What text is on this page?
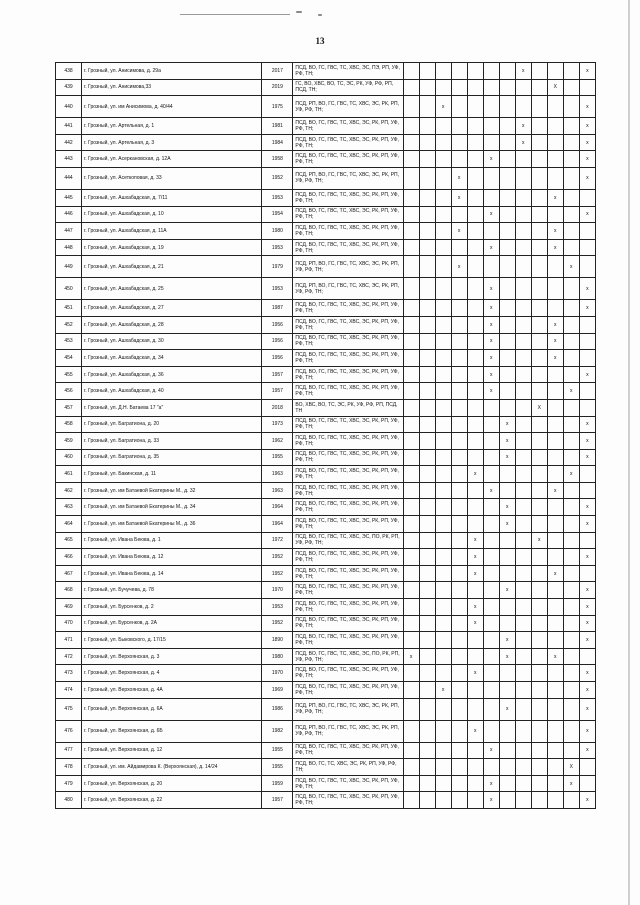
13
438	г. Грозный, ул. Анисимова, д. 29а	2017	ПСД, ВО, ГС, ГВС, ТС, ХВС, ЭС, ПЭ, РП, УФ, РФ, ТН;								x				x
439	г. Грозный, ул. Анисимова,33	2019	ГС, ВО, ХВС, ВО, ТС, ЭС, РК, УФ, РФ, РП, ПСД, ТН;										X		
440	г. Грозный, ул. им Анисимова, д. 40/44	1975	ПСД, РП, ВО, ГС, ГВС, ТС, ХВС, ЭС, РК, РП, УФ, РФ, ТН;			x									x
441	г. Грозный, ул. Артельная, д. 1	1981	ПСД, ВО, ГС, ГВС, ТС, ХВС, ЭС, РК, РП, УФ, РФ, ТН;								x				x
442	г. Грозный, ул. Артельная, д. 3	1984	ПСД, ВО, ГС, ГВС, ТС, ХВС, ЭС, РК, РП, УФ, РФ, ТН;								x				x
443	г. Грозный, ул. Асеркановская, д. 12А	1958	ПСД, ВО, ГС, ГВС, ТС, ХВС, ЭС, РК, РП, УФ, РФ, ТН;						x						x
444	г. Грозный, ул. Асеткоповая, д. 33	1952	ПСД, РП, ВО, ГС, ГВС, ТС, ХВС, ЭС, РК, РП, УФ, РФ, ТН;				x								x
445	г. Грозный, ул. Ашхабадская, д. 7/11	1953	ПСД, ВО, ГС, ГВС, ТС, ХВС, ЭС, РК, РП, УФ, РФ, ТН;				x						x		
446	г. Грозный, ул. Ашхабадская, д. 10	1954	ПСД, ВО, ГС, ГВС, ТС, ХВС, ЭС, РК, РП, УФ, РФ, ТН;						x						x
447	г. Грозный, ул. Ашхабадская, д. 11А	1980	ПСД, ВО, ГС, ГВС, ТС, ХВС, ЭС, РК, РП, УФ, РФ, ТН;				x						x		
448	г. Грозный, ул. Ашхабадская, д. 19	1953	ПСД, ВО, ГС, ГВС, ТС, ХВС, ЭС, РК, РП, УФ, РФ, ТН;						x				x		
449	г. Грозный, ул. Ашхабадская, д. 21	1979	ПСД, РП, ВО, ГС, ГВС, ТС, ХВС, ЭС, РК, РП, УФ, РФ, ТН;				x							x	
450	г. Грозный, ул. Ашхабадская, д. 25	1953	ПСД, РП, ВО, ГС, ГВС, ТС, ХВС, ЭС, РК, РП, УФ, РФ, ТН;						x						x
451	г. Грозный, ул. Ашхабадская, д. 27	1987	ПСД, ВО, ГС, ГВС, ТС, ХВС, ЭС, РК, РП, УФ, РФ, ТН;						x						x
452	г. Грозный, ул. Ашхабадская, д. 28	1956	ПСД, ВО, ГС, ГВС, ТС, ХВС, ЭС, РК, РП, УФ, РФ, ТН;						x				x		
453	г. Грозный, ул. Ашхабадская, д. 30	1956	ПСД, ВО, ГС, ГВС, ТС, ХВС, ЭС, РК, РП, УФ, РФ, ТН;						x				x		
454	г. Грозный, ул. Ашхабадская, д. 34	1956	ПСД, ВО, ГС, ГВС, ТС, ХВС, ЭС, РК, РП, УФ, РФ, ТН;						x				x		
455	г. Грозный, ул. Ашхабадская, д. 36	1957	ПСД, ВО, ГС, ГВС, ТС, ХВС, ЭС, РК, РП, УФ, РФ, ТН;						x						x
456	г. Грозный, ул. Ашхабадская, д. 40	1957	ПСД, ВО, ГС, ГВС, ТС, ХВС, ЭС, РК, РП, УФ, РФ, ТН;						x					x	
457	г. Грозный, ул. Д.Н. Батаева 17 "а"	2018	ВО, ХВС, ВО, ТС, ЭС, РК, УФ, РФ, РП, ПСД, ТН									X			
458	г. Грозный, ул. Багратиона, д. 20	1973	ПСД, ВО, ГС, ГВС, ТС, ХВС, ЭС, РК, РП, УФ, РФ, ТН;							x					x
459	г. Грозный, ул. Багратиона, д. 33	1962	ПСД, ВО, ГС, ГВС, ТС, ХВС, ЭС, РК, РП, УФ, РФ, ТН;							x					x
460	г. Грозный, ул. Багратиона, д. 35	1955	ПСД, ВО, ГС, ГВС, ТС, ХВС, ЭС, РК, РП, УФ, РФ, ТН;							x					x
461	г. Грозный, ул. Бакинская, д. 11	1963	ПСД, ВО, ГС, ГВС, ТС, ХВС, ЭС, РК, РП, УФ, РФ, ТН;					x						x	
462	г. Грозный, ул. им Батаевой Екатерины М., д. 32	1963	ПСД, ВО, ГС, ГВС, ТС, ХВС, ЭС, РК, РП, УФ, РФ, ТН;						x				x		
463	г. Грозный, ул. им Батаевой Екатерины М., д. 34	1964	ПСД, ВО, ГС, ГВС, ТС, ХВС, ЭС, РК, РП, УФ, РФ, ТН;							x					x
464	г. Грозный, ул. им Батаевой Екатерины М., д. 36	1964	ПСД, ВО, ГС, ГВС, ТС, ХВС, ЭС, РК, РП, УФ, РФ, ТН;							x					x
465	г. Грозный, ул. Ивана Беюва, д. 1	1972	ПСД, ВО, ГС, ГВС, ТС, ХВС, ЭС, ПО, РК, РП, УФ, РФ, ТН;					x				x			
466	г. Грозный, ул. Ивана Беюва, д. 12	1952	ПСД, ВО, ГС, ГВС, ТС, ХВС, ЭС, РК, РП, УФ, РФ, ТН;					x							x
467	г. Грозный, ул. Ивана Беюва, д. 14	1952	ПСД, ВО, ГС, ГВС, ТС, ХВС, ЭС, РК, РП, УФ, РФ, ТН;					x					x		
468	г. Грозный, ул. Бучучева, д. 78	1970	ПСД, ВО, ГС, ГВС, ТС, ХВС, ЭС, РК, РП, УФ, РФ, ТН;							x					x
469	г. Грозный, ул. Бурсенков, д. 2	1953	ПСД, ВО, ГС, ГВС, ТС, ХВС, ЭС, РК, РП, УФ, РФ, ТН;					x							x
470	г. Грозный, ул. Бурсенков, д. 2А	1952	ПСД, ВО, ГС, ГВС, ТС, ХВС, ЭС, РК, РП, УФ, РФ, ТН;					x							x
471	г. Грозный, ул. Быковского, д. 17/15	1890	ПСД, ВО, ГС, ГВС, ТС, ХВС, ЭС, РК, РП, УФ, РФ, ТН;							x					x
472	г. Грозный, ул. Верхоянская, д. 3	1980	ПСД, ВО, ГС, ГВС, ТС, ХВС, ЭС, ПО, РК, РП, УФ, РФ, ТН;	x						x			x		
473	г. Грозный, ул. Верхоянская, д. 4	1970	ПСД, ВО, ГС, ГВС, ТС, ХВС, ЭС, РК, РП, УФ, РФ, ТН;					x							x
474	г. Грозный, ул. Верхоянская, д. 4А	1969	ПСД, ВО, ГС, ГВС, ТС, ХВС, ЭС, РК, РП, УФ, РФ, ТН;			x									x
475	г. Грозный, ул. Верхоянская, д. 6А	1986	ПСД, РП, ВО, ГС, ГВС, ТС, ХВС, ЭС, РК, РП, УФ, РФ, ТН;							x					x
476	г. Грозный, ул. Верхоянская, д. 6Б	1982	ПСД, РП, ВО, ГС, ГВС, ТС, ХВС, ЭС, РК, РП, УФ, РФ, ТН;					x							x
477	г. Грозный, ул. Верхоянская, д. 12	1955	ПСД, ВО, ГС, ГВС, ТС, ХВС, ЭС, РК, РП, УФ, РФ, ТН;						x						x
478	г. Грозный, ул. им. Айдамирова К. (Верхоянская), д. 14/24	1955	ПСД, ВО, ГС, ТС, ХВС, ЭС, РК, РП, УФ, РФ, ТН;											X	
479	г. Грозный, ул. Верхоянская, д. 20	1959	ПСД, ВО, ГС, ГВС, ТС, ХВС, ЭС, РК, РП, УФ, РФ, ТН;						x					x	
480	г. Грозный, ул. Верхоянская, д. 22	1957	ПСД, ВО, ГС, ГВС, ТС, ХВС, ЭС, РК, РП, УФ, РФ, ТН;						x						x
